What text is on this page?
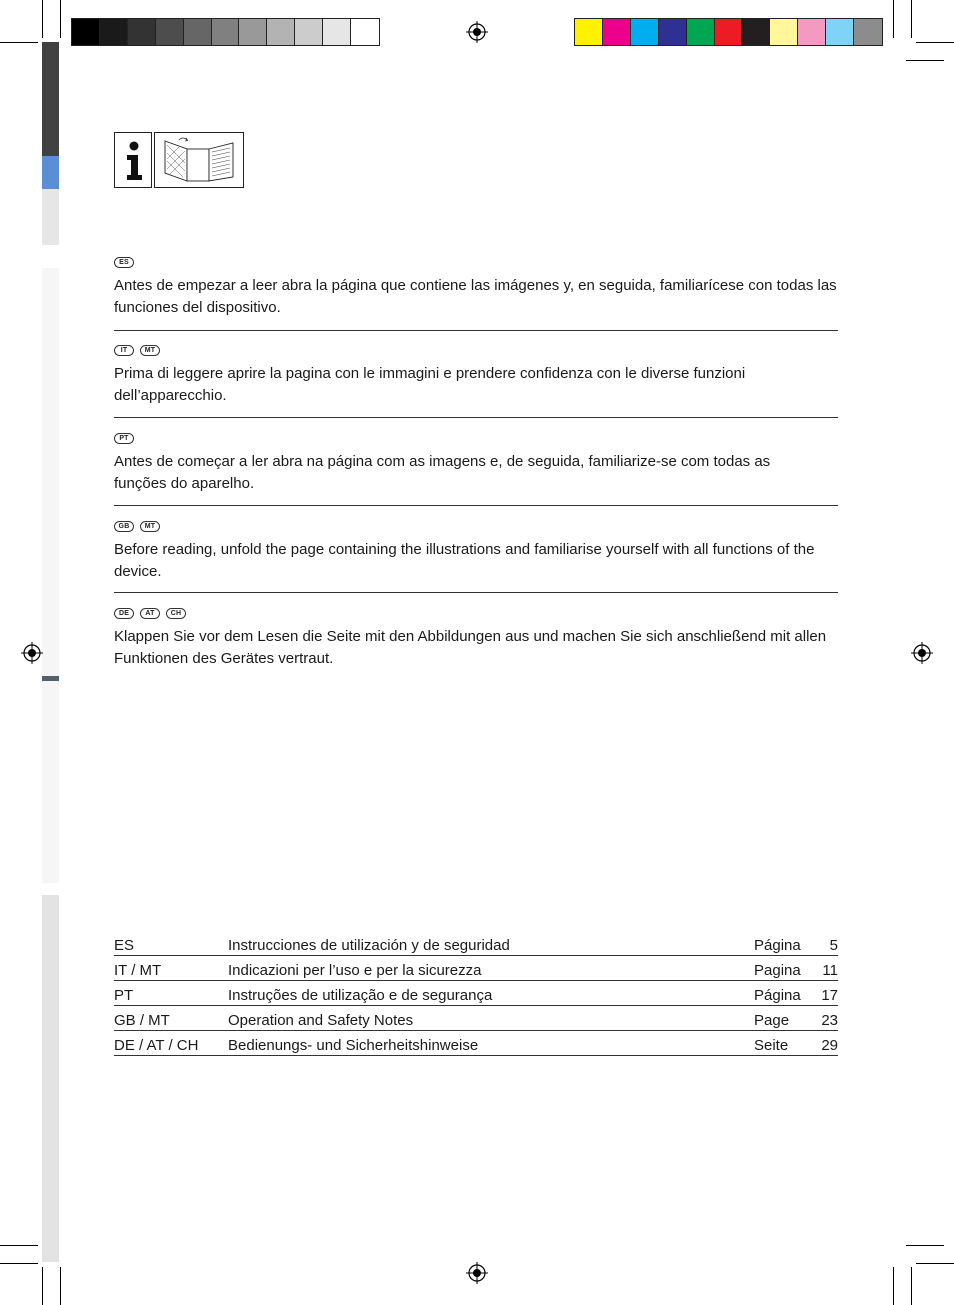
ES

Antes de empezar a leer abra la página que contiene las imágenes y, en seguida, familiarícese con todas las funciones del dispositivo.

IT	MT

Prima di leggere aprire la pagina con le immagini e prendere confidenza con le diverse funzioni dell’apparecchio.

PT

Antes de começar a ler abra na página com as imagens e, de seguida, familiarize-se com todas as funções do aparelho.

GB	MT

Before reading, unfold the page containing the illustrations and familiarise yourself with all functions of the device.

DE	AT	CH

Klappen Sie vor dem Lesen die Seite mit den Abbildungen aus und machen Sie sich anschließend mit allen Funktionen des Gerätes vertraut.

ES	Instrucciones de utilización y de seguridad	Página	5
IT / MT	Indicazioni per l’uso e per la sicurezza	Pagina	11
PT	Instruções de utilização e de segurança	Página	17
GB / MT	Operation and Safety Notes	Page	23
DE / AT / CH	Bedienungs- und Sicherheitshinweise	Seite	29
